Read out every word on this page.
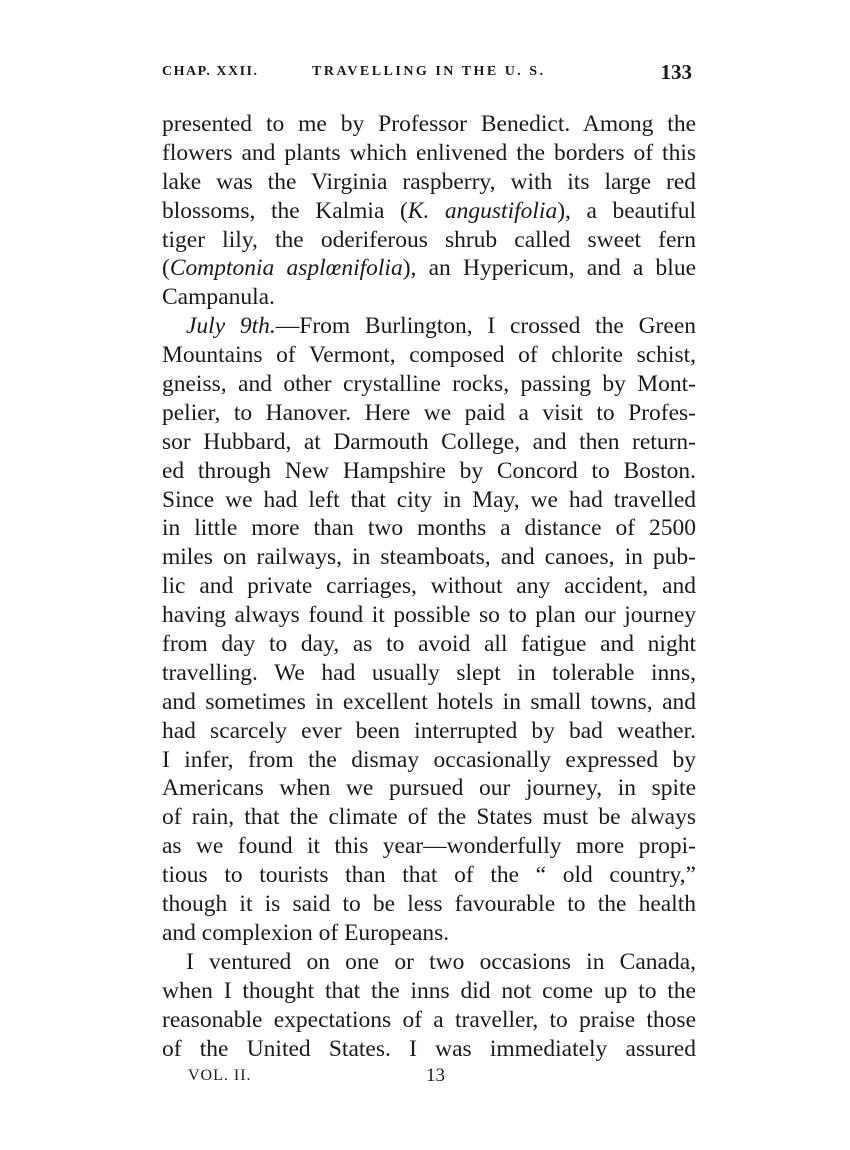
CHAP. XXII.	TRAVELLING IN THE U. S.	133
presented to me by Professor Benedict. Among the
flowers and plants which enlivened the borders of this
lake was the Virginia raspberry, with its large red
blossoms, the Kalmia (K. angustifolia), a beautiful
tiger lily, the oderiferous shrub called sweet fern
(Comptonia asplœnifolia), an Hypericum, and a blue
Campanula.
July 9th.—From Burlington, I crossed the Green
Mountains of Vermont, composed of chlorite schist,
gneiss, and other crystalline rocks, passing by Mont-
pelier, to Hanover. Here we paid a visit to Profes-
sor Hubbard, at Darmouth College, and then return-
ed through New Hampshire by Concord to Boston.
Since we had left that city in May, we had travelled
in little more than two months a distance of 2500
miles on railways, in steamboats, and canoes, in pub-
lic and private carriages, without any accident, and
having always found it possible so to plan our journey
from day to day, as to avoid all fatigue and night
travelling. We had usually slept in tolerable inns,
and sometimes in excellent hotels in small towns, and
had scarcely ever been interrupted by bad weather.
I infer, from the dismay occasionally expressed by
Americans when we pursued our journey, in spite
of rain, that the climate of the States must be always
as we found it this year—wonderfully more propi-
tious to tourists than that of the “ old country,”
though it is said to be less favourable to the health
and complexion of Europeans.
I ventured on one or two occasions in Canada,
when I thought that the inns did not come up to the
reasonable expectations of a traveller, to praise those
of the United States. I was immediately assured
VOL. II.	13
